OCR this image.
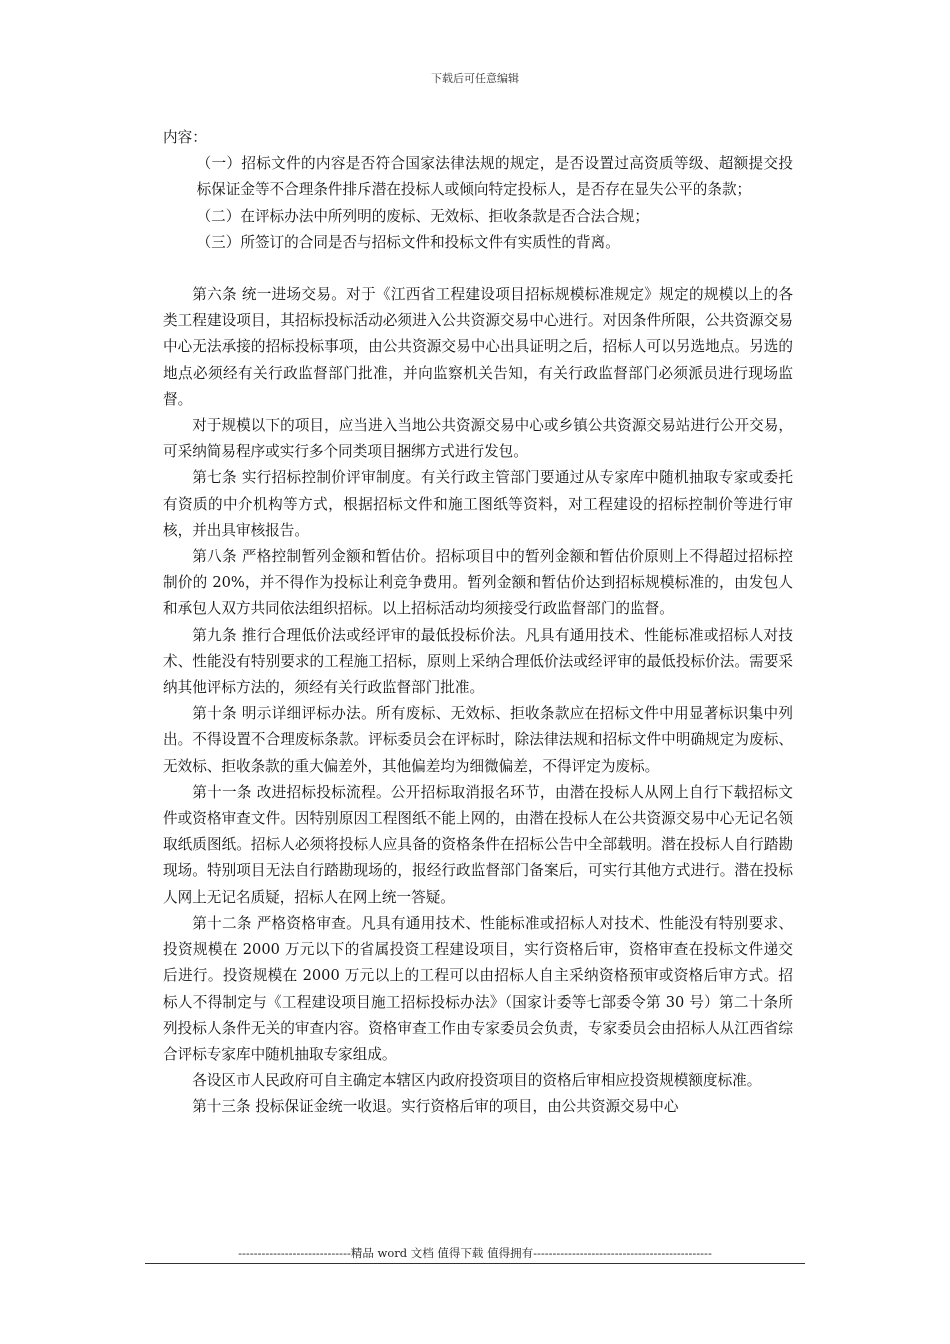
下载后可任意编辑

内容：

（一）招标文件的内容是否符合国家法律法规的规定，是否设置过高资质等级、超额提交投标保证金等不合理条件排斥潜在投标人或倾向特定投标人，是否存在显失公平的条款；

（二）在评标办法中所列明的废标、无效标、拒收条款是否合法合规；

（三）所签订的合同是否与招标文件和投标文件有实质性的背离。

第六条 统一进场交易。对于《江西省工程建设项目招标规模标准规定》规定的规模以上的各类工程建设项目，其招标投标活动必须进入公共资源交易中心进行。对因条件所限，公共资源交易中心无法承接的招标投标事项，由公共资源交易中心出具证明之后，招标人可以另选地点。另选的地点必须经有关行政监督部门批准，并向监察机关告知，有关行政监督部门必须派员进行现场监督。

对于规模以下的项目，应当进入当地公共资源交易中心或乡镇公共资源交易站进行公开交易，可采纳简易程序或实行多个同类项目捆绑方式进行发包。

第七条 实行招标控制价评审制度。有关行政主管部门要通过从专家库中随机抽取专家或委托有资质的中介机构等方式，根据招标文件和施工图纸等资料，对工程建设的招标控制价等进行审核，并出具审核报告。

第八条 严格控制暂列金额和暂估价。招标项目中的暂列金额和暂估价原则上不得超过招标控制价的 20%，并不得作为投标让利竞争费用。暂列金额和暂估价达到招标规模标准的，由发包人和承包人双方共同依法组织招标。以上招标活动均须接受行政监督部门的监督。

第九条 推行合理低价法或经评审的最低投标价法。凡具有通用技术、性能标准或招标人对技术、性能没有特别要求的工程施工招标，原则上采纳合理低价法或经评审的最低投标价法。需要采纳其他评标方法的，须经有关行政监督部门批准。

第十条 明示详细评标办法。所有废标、无效标、拒收条款应在招标文件中用显著标识集中列出。不得设置不合理废标条款。评标委员会在评标时，除法律法规和招标文件中明确规定为废标、无效标、拒收条款的重大偏差外，其他偏差均为细微偏差，不得评定为废标。

第十一条 改进招标投标流程。公开招标取消报名环节，由潜在投标人从网上自行下载招标文件或资格审查文件。因特别原因工程图纸不能上网的，由潜在投标人在公共资源交易中心无记名领取纸质图纸。招标人必须将投标人应具备的资格条件在招标公告中全部载明。潜在投标人自行踏勘现场。特别项目无法自行踏勘现场的，报经行政监督部门备案后，可实行其他方式进行。潜在投标人网上无记名质疑，招标人在网上统一答疑。

第十二条 严格资格审查。凡具有通用技术、性能标准或招标人对技术、性能没有特别要求、投资规模在 2000 万元以下的省属投资工程建设项目，实行资格后审，资格审查在投标文件递交后进行。投资规模在 2000 万元以上的工程可以由招标人自主采纳资格预审或资格后审方式。招标人不得制定与《工程建设项目施工招标投标办法》（国家计委等七部委令第 30 号）第二十条所列投标人条件无关的审查内容。资格审查工作由专家委员会负责，专家委员会由招标人从江西省综合评标专家库中随机抽取专家组成。

各设区市人民政府可自主确定本辖区内政府投资项目的资格后审相应投资规模额度标准。

第十三条 投标保证金统一收退。实行资格后审的项目，由公共资源交易中心

-----------------------------精品 word 文档 值得下载 值得拥有----------------------------------------------
